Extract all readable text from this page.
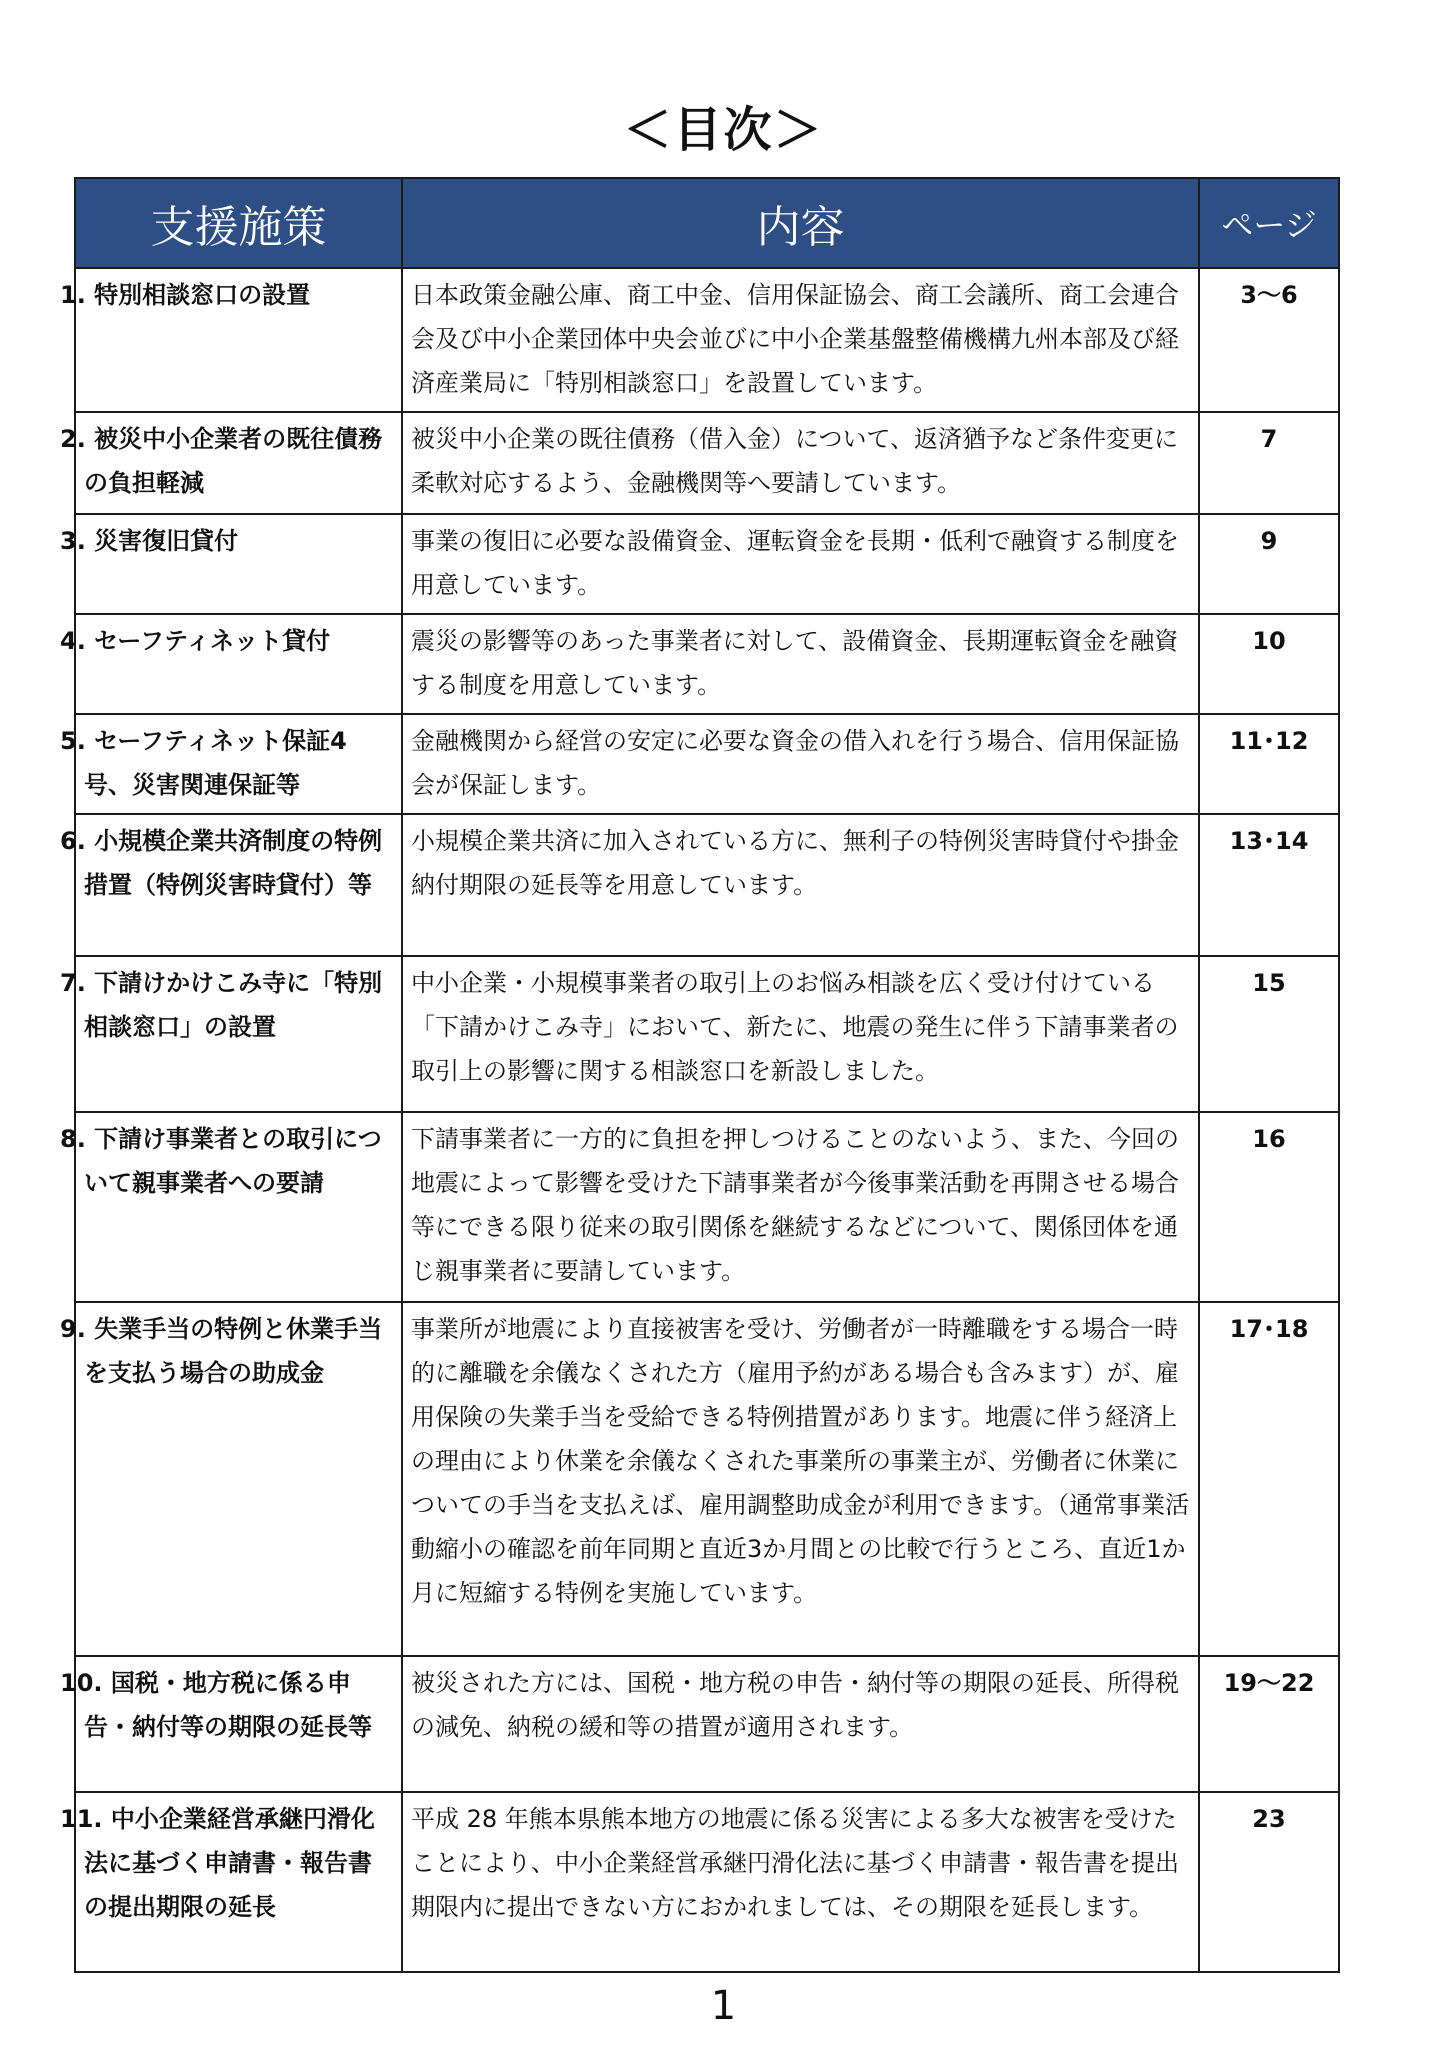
＜目次＞
支援施策	内容	ページ
1. 特別相談窓口の設置	日本政策金融公庫、商工中金、信用保証協会、商工会議所、商工会連合会及び中小企業団体中央会並びに中小企業基盤整備機構九州本部及び経済産業局に「特別相談窓口」を設置しています。	3～6
2. 被災中小企業者の既往債務の負担軽減	被災中小企業の既往債務（借入金）について、返済猶予など条件変更に柔軟対応するよう、金融機関等へ要請しています。	7
3. 災害復旧貸付	事業の復旧に必要な設備資金、運転資金を長期・低利で融資する制度を用意しています。	9
4. セーフティネット貸付	震災の影響等のあった事業者に対して、設備資金、長期運転資金を融資する制度を用意しています。	10
5. セーフティネット保証4号、災害関連保証等	金融機関から経営の安定に必要な資金の借入れを行う場合、信用保証協会が保証します。	11･12
6. 小規模企業共済制度の特例措置（特例災害時貸付）等	小規模企業共済に加入されている方に、無利子の特例災害時貸付や掛金納付期限の延長等を用意しています。	13･14
7. 下請けかけこみ寺に「特別相談窓口」の設置	中小企業・小規模事業者の取引上のお悩み相談を広く受け付けている「下請かけこみ寺」において、新たに、地震の発生に伴う下請事業者の取引上の影響に関する相談窓口を新設しました。	15
8. 下請け事業者との取引について親事業者への要請	下請事業者に一方的に負担を押しつけることのないよう、また、今回の地震によって影響を受けた下請事業者が今後事業活動を再開させる場合等にできる限り従来の取引関係を継続するなどについて、関係団体を通じ親事業者に要請しています。	16
9. 失業手当の特例と休業手当を支払う場合の助成金	事業所が地震により直接被害を受け、労働者が一時離職をする場合一時的に離職を余儀なくされた方（雇用予約がある場合も含みます）が、雇用保険の失業手当を受給できる特例措置があります。地震に伴う経済上の理由により休業を余儀なくされた事業所の事業主が、労働者に休業についての手当を支払えば、雇用調整助成金が利用できます。（通常事業活動縮小の確認を前年同期と直近3か月間との比較で行うところ、直近1か月に短縮する特例を実施しています。	17･18
10. 国税・地方税に係る申告・納付等の期限の延長等	被災された方には、国税・地方税の申告・納付等の期限の延長、所得税の減免、納税の緩和等の措置が適用されます。	19～22
11. 中小企業経営承継円滑化法に基づく申請書・報告書の提出期限の延長	平成 28 年熊本県熊本地方の地震に係る災害による多大な被害を受けたことにより、中小企業経営承継円滑化法に基づく申請書・報告書を提出期限内に提出できない方におかれましては、その期限を延長します。	23
1
